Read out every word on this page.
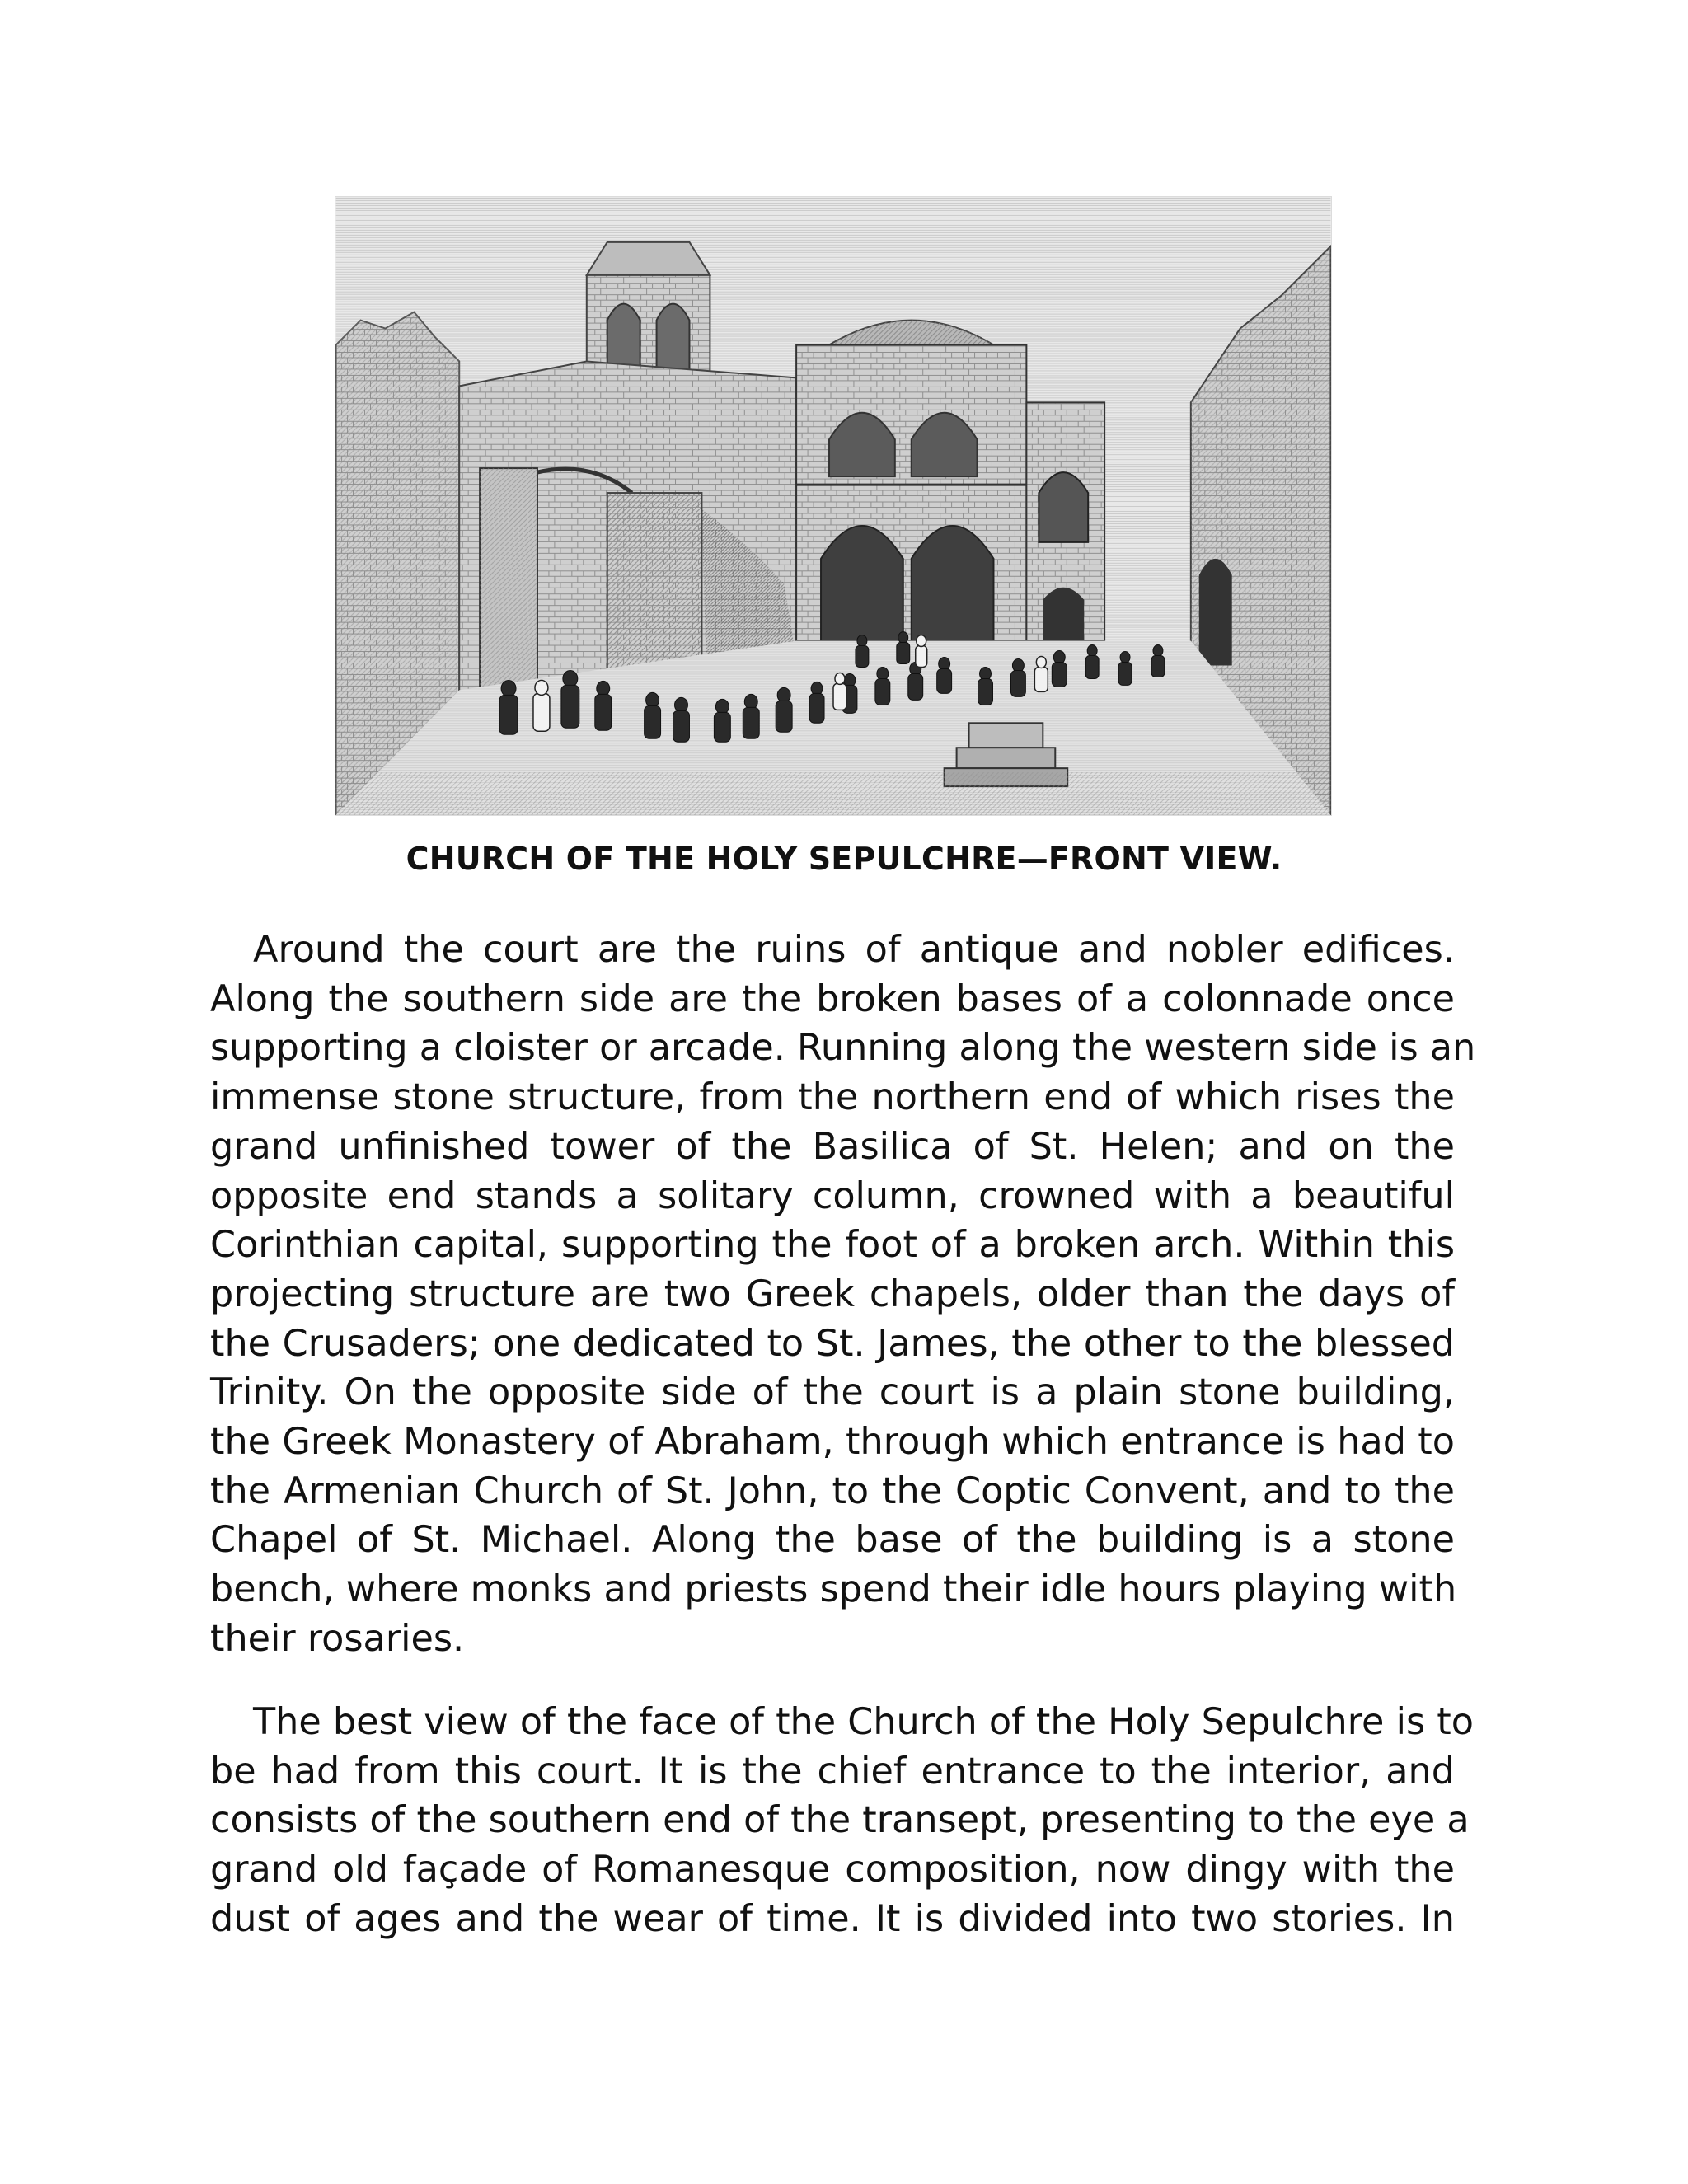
CHURCH OF THE HOLY SEPULCHRE—FRONT VIEW.

Around the court are the ruins of antique and nobler edifices.
Along the southern side are the broken bases of a colonnade once
supporting a cloister or arcade. Running along the western side is an
immense stone structure, from the northern end of which rises the
grand unfinished tower of the Basilica of St. Helen; and on the
opposite end stands a solitary column, crowned with a beautiful
Corinthian capital, supporting the foot of a broken arch. Within this
projecting structure are two Greek chapels, older than the days of
the Crusaders; one dedicated to St. James, the other to the blessed
Trinity. On the opposite side of the court is a plain stone building,
the Greek Monastery of Abraham, through which entrance is had to
the Armenian Church of St. John, to the Coptic Convent, and to the
Chapel of St. Michael. Along the base of the building is a stone
bench, where monks and priests spend their idle hours playing with
their rosaries.

The best view of the face of the Church of the Holy Sepulchre is to
be had from this court. It is the chief entrance to the interior, and
consists of the southern end of the transept, presenting to the eye a
grand old façade of Romanesque composition, now dingy with the
dust of ages and the wear of time. It is divided into two stories. In
